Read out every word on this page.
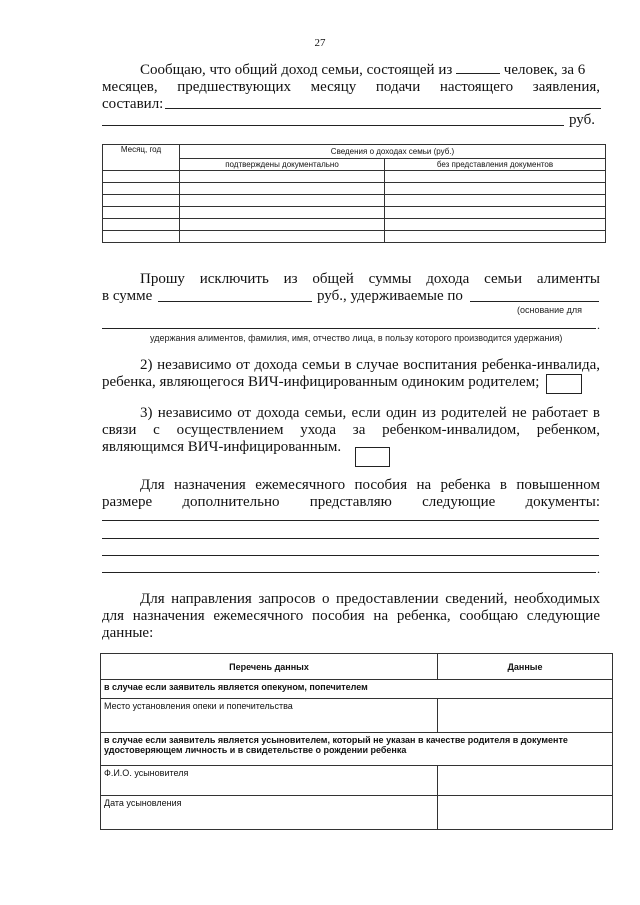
27
Сообщаю, что общий доход семьи, состоящей из	человек, за 6
месяцев, предшествующих месяцу подачи настоящего заявления,
составил:
руб.
Месяц, год	Сведения о доходах семьи (руб.)	
	подтверждены документально	без представления документов

Прошу исключить из общей суммы дохода семьи алименты
в сумме	руб., удерживаемые по
(основание для
.
удержания алиментов, фамилия, имя, отчество лица, в пользу которого производится удержания)
2) независимо от дохода семьи в случае воспитания ребенка-инвалида,
ребенка, являющегося ВИЧ-инфицированным одиноким родителем;
3) независимо от дохода семьи, если один из родителей не работает в
связи с осуществлением ухода за ребенком-инвалидом, ребенком,
являющимся ВИЧ-инфицированным.
Для назначения ежемесячного пособия на ребенка в повышенном
размере дополнительно представляю следующие документы:
.
Для направления запросов о предоставлении сведений, необходимых
для назначения ежемесячного пособия на ребенка, сообщаю следующие
данные:
Перечень данных	Данные
в случае если заявитель является опекуном, попечителем	
Место установления опеки и попечительства	
в случае если заявитель является усыновителем, который не указан в качестве родителя в документе удостоверяющем личность и в свидетельстве о рождении ребенка	
Ф.И.О. усыновителя	
Дата усыновления	
